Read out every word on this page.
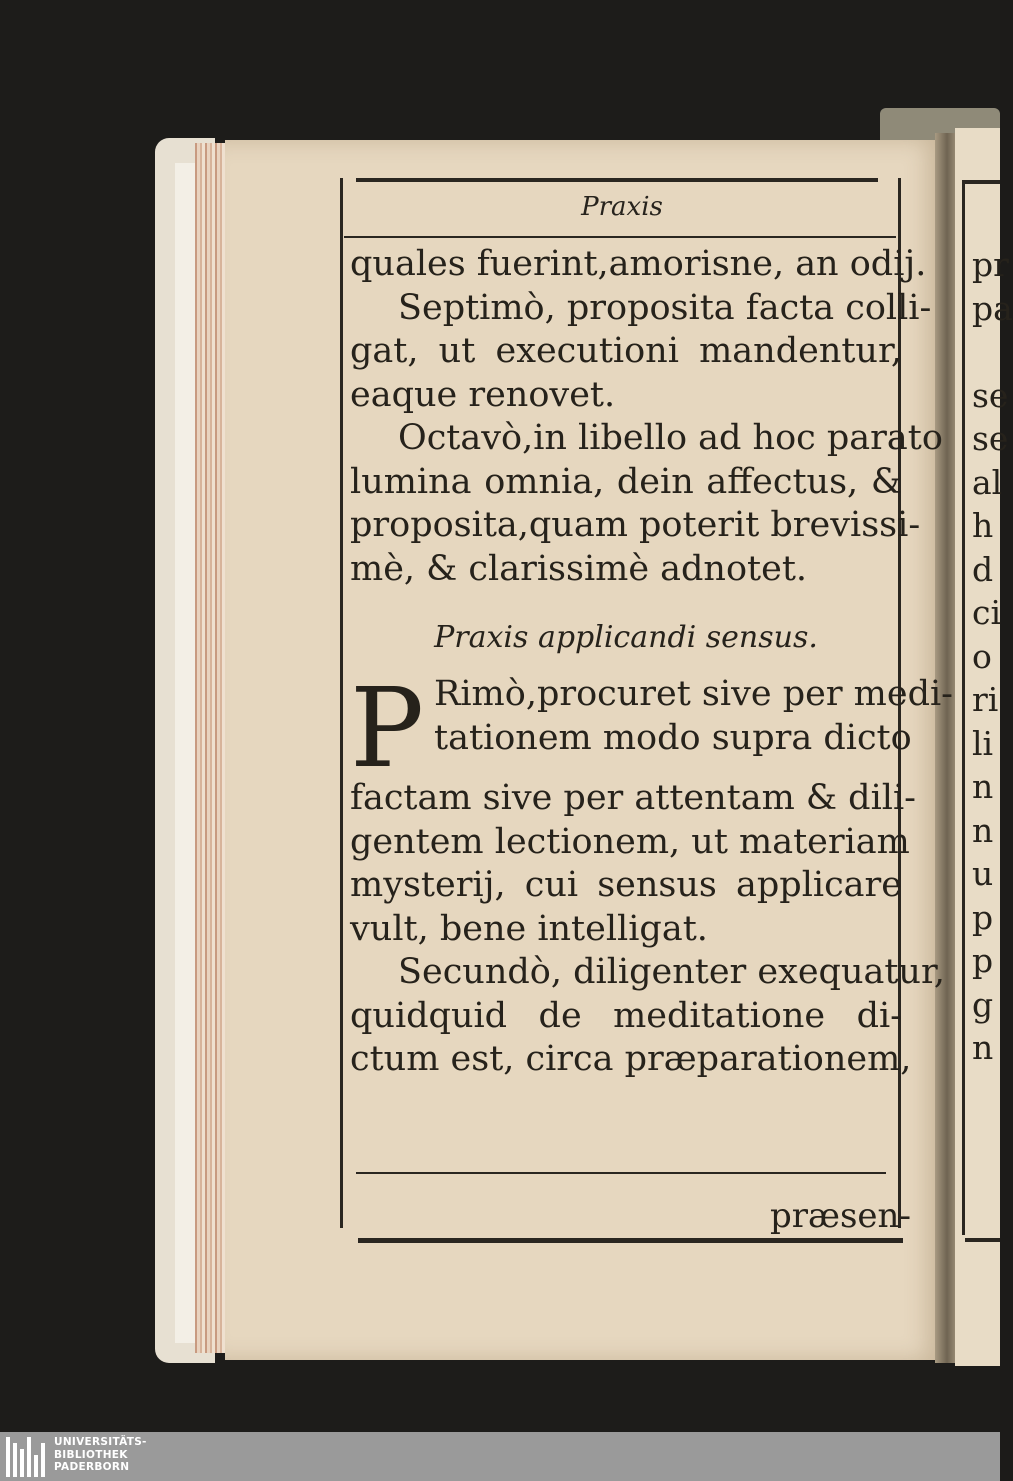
Praxis
quales fuerint,amorisne, an odij.
Septimò, proposita facta colli-
gat, ut executioni mandentur,
eaque renovet.
Octavò,in libello ad hoc parato
lumina omnia, dein affectus, &
proposita,quam poterit brevissi-
mè, & clarissimè adnotet.
Praxis applicandi sensus.
P Rimò,procuret sive per medi-
tationem modo supra dicto
factam sive per attentam & dili-
gentem lectionem, ut materiam
mysterij, cui sensus applicare
vult, bene intelligat.
Secundò, diligenter exequatur,
quidquid de meditatione di-
ctum est, circa præparationem,
præsen-
pr
pa
se
se
al
h
d
ci
o
ri
li
n
n
u
p
p
g
n
UNIVERSITÄTS-
BIBLIOTHEK
PADERBORN
